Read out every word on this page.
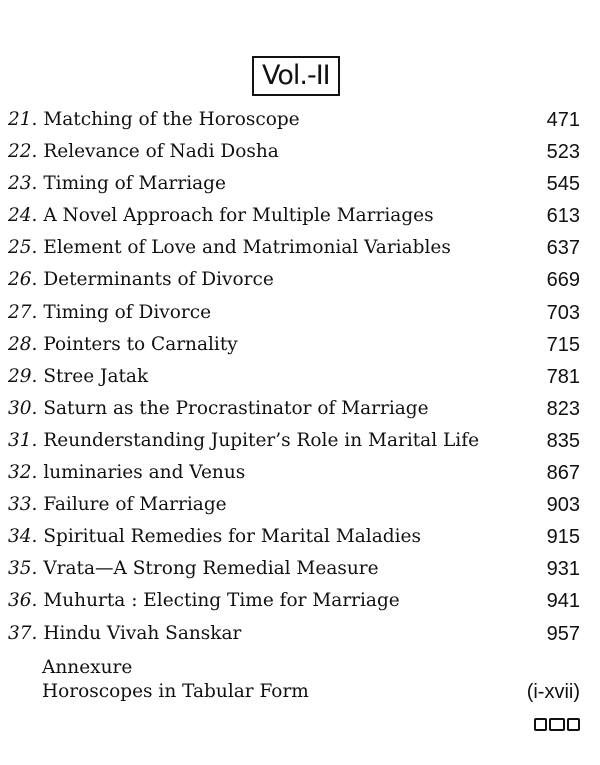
Vol.-II
21. Matching of the Horoscope	471
22. Relevance of Nadi Dosha	523
23. Timing of Marriage	545
24. A Novel Approach for Multiple Marriages	613
25. Element of Love and Matrimonial Variables	637
26. Determinants of Divorce	669
27. Timing of Divorce	703
28. Pointers to Carnality	715
29. Stree Jatak	781
30. Saturn as the Procrastinator of Marriage	823
31. Reunderstanding Jupiter’s Role in Marital Life	835
32. luminaries and Venus	867
33. Failure of Marriage	903
34. Spiritual Remedies for Marital Maladies	915
35. Vrata—A Strong Remedial Measure	931
36. Muhurta : Electing Time for Marriage	941
37. Hindu Vivah Sanskar	957
Annexure
Horoscopes in Tabular Form	(i-xvii)
